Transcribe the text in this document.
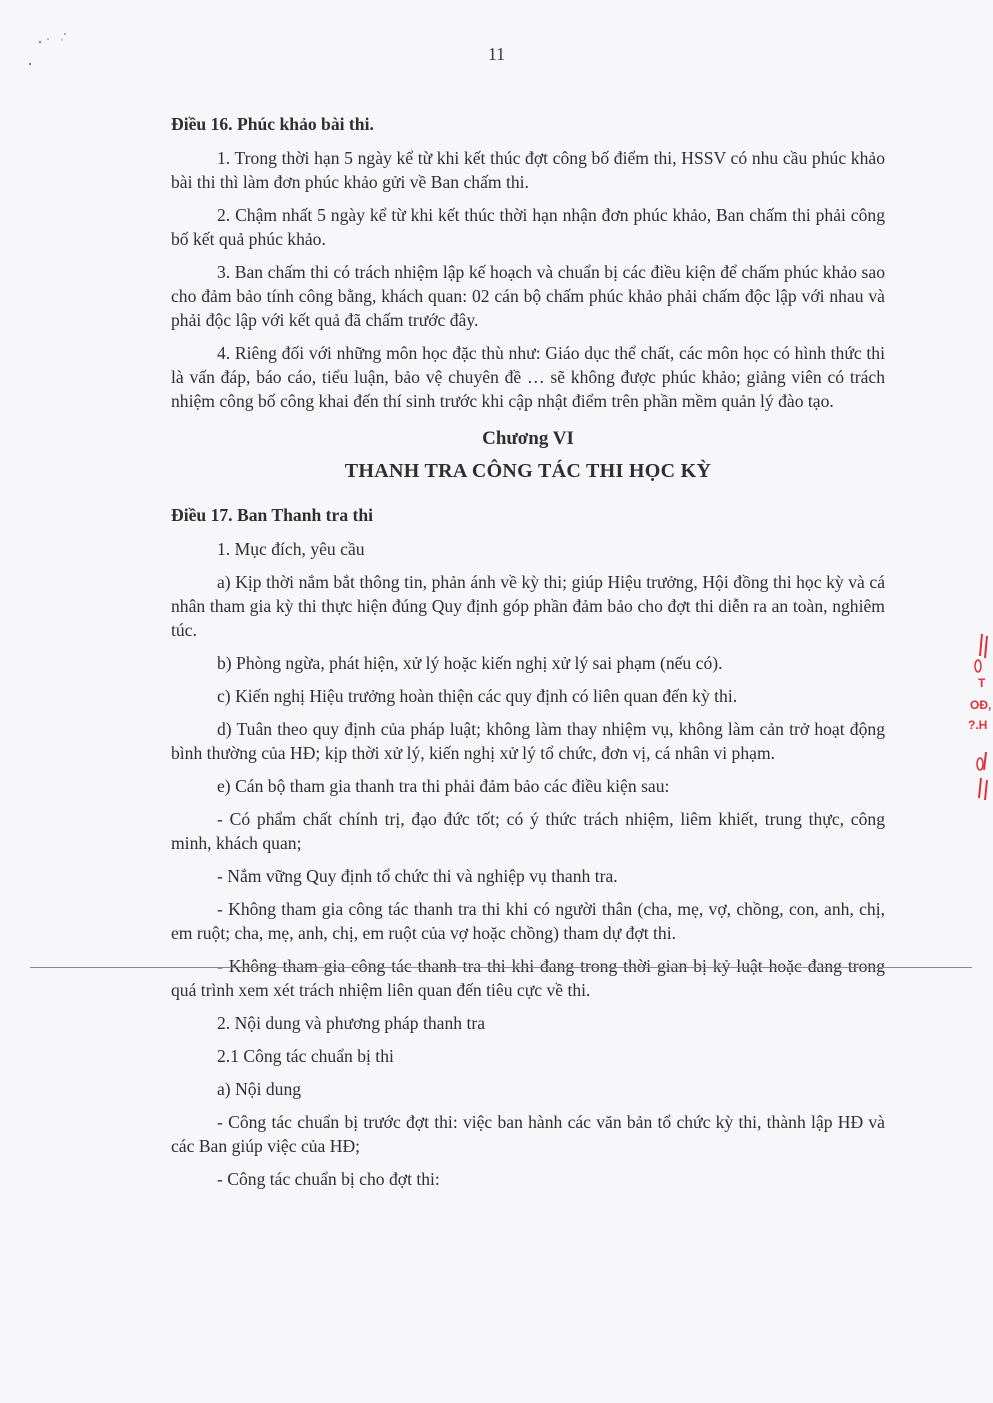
11
Điều 16. Phúc khảo bài thi.

1. Trong thời hạn 5 ngày kể từ khi kết thúc đợt công bố điểm thi, HSSV có nhu cầu phúc khảo bài thi thì làm đơn phúc khảo gửi về Ban chấm thi.

2. Chậm nhất 5 ngày kể từ khi kết thúc thời hạn nhận đơn phúc khảo, Ban chấm thi phải công bố kết quả phúc khảo.

3. Ban chấm thi có trách nhiệm lập kế hoạch và chuẩn bị các điều kiện để chấm phúc khảo sao cho đảm bảo tính công bằng, khách quan: 02 cán bộ chấm phúc khảo phải chấm độc lập với nhau và phải độc lập với kết quả đã chấm trước đây.

4. Riêng đối với những môn học đặc thù như: Giáo dục thể chất, các môn học có hình thức thi là vấn đáp, báo cáo, tiểu luận, bảo vệ chuyên đề … sẽ không được phúc khảo; giảng viên có trách nhiệm công bố công khai đến thí sinh trước khi cập nhật điểm trên phần mềm quản lý đào tạo.

Chương VI
THANH TRA CÔNG TÁC THI HỌC KỲ
Điều 17. Ban Thanh tra thi

1. Mục đích, yêu cầu

a) Kịp thời nắm bắt thông tin, phản ánh về kỳ thi; giúp Hiệu trưởng, Hội đồng thi học kỳ và cá nhân tham gia kỳ thi thực hiện đúng Quy định góp phần đảm bảo cho đợt thi diễn ra an toàn, nghiêm túc.

b) Phòng ngừa, phát hiện, xử lý hoặc kiến nghị xử lý sai phạm (nếu có).

c) Kiến nghị Hiệu trưởng hoàn thiện các quy định có liên quan đến kỳ thi.

d) Tuân theo quy định của pháp luật; không làm thay nhiệm vụ, không làm cản trở hoạt động bình thường của HĐ; kịp thời xử lý, kiến nghị xử lý tổ chức, đơn vị, cá nhân vi phạm.

e) Cán bộ tham gia thanh tra thi phải đảm bảo các điều kiện sau:

- Có phẩm chất chính trị, đạo đức tốt; có ý thức trách nhiệm, liêm khiết, trung thực, công minh, khách quan;

- Nắm vững Quy định tổ chức thi và nghiệp vụ thanh tra.

- Không tham gia công tác thanh tra thi khi có người thân (cha, mẹ, vợ, chồng, con, anh, chị, em ruột; cha, mẹ, anh, chị, em ruột của vợ hoặc chồng) tham dự đợt thi.

- Không tham gia công tác thanh tra thi khi đang trong thời gian bị kỷ luật hoặc đang trong quá trình xem xét trách nhiệm liên quan đến tiêu cực về thi.

2. Nội dung và phương pháp thanh tra

2.1 Công tác chuẩn bị thi

a) Nội dung

- Công tác chuẩn bị trước đợt thi: việc ban hành các văn bản tổ chức kỳ thi, thành lập HĐ và các Ban giúp việc của HĐ;

- Công tác chuẩn bị cho đợt thi:

T
OĐ,
?.H
